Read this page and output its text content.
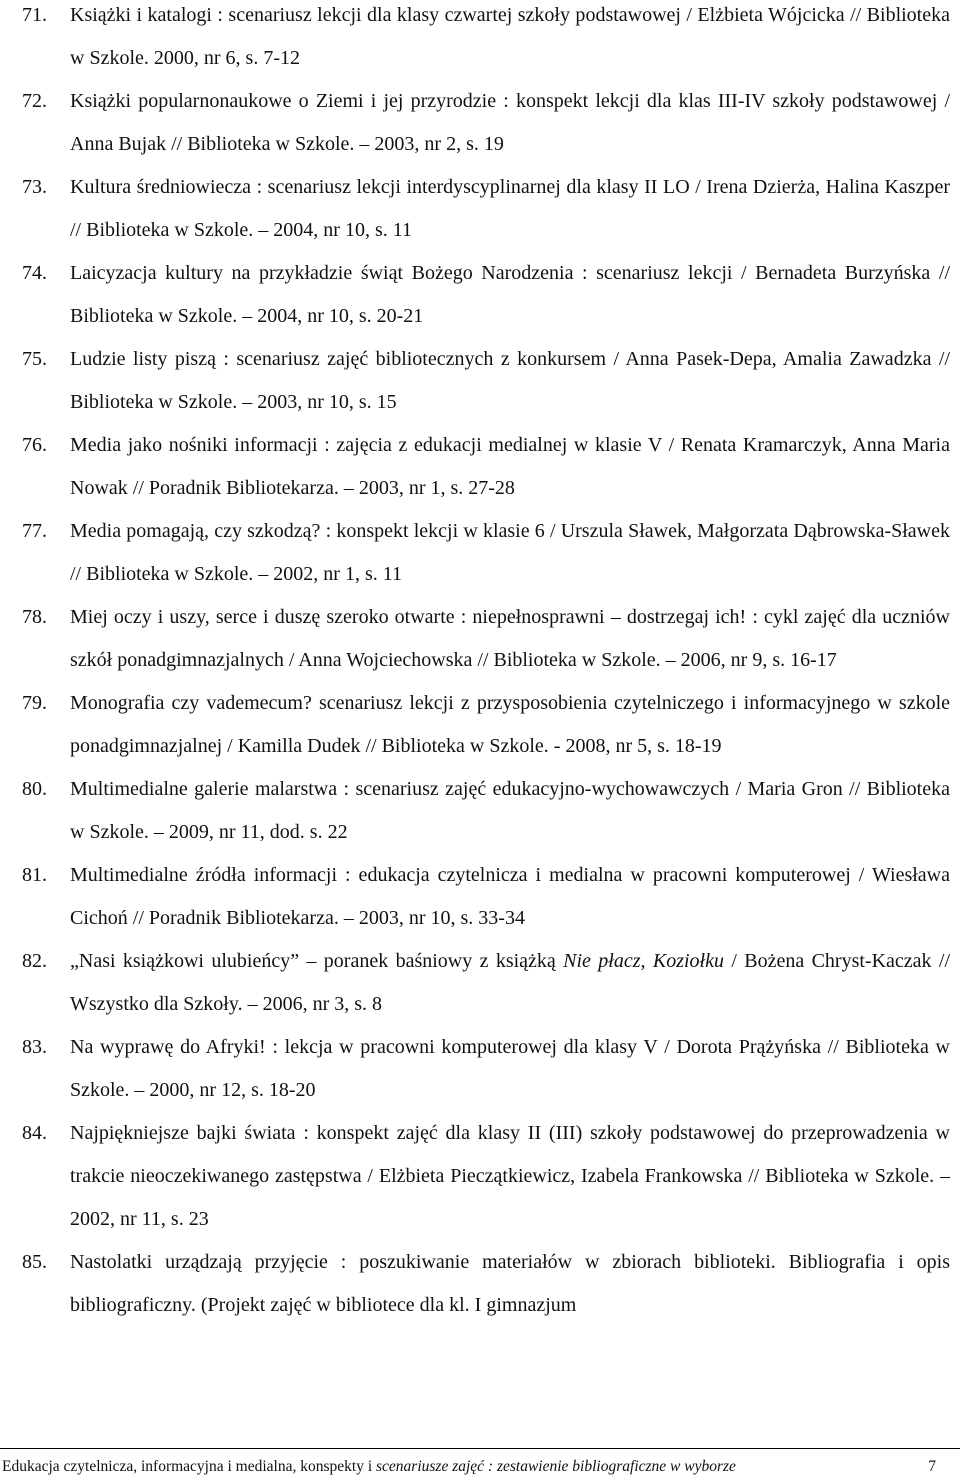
71. Książki i katalogi : scenariusz lekcji dla klasy czwartej szkoły podstawowej / Elżbieta Wójcicka // Biblioteka w Szkole. 2000, nr 6, s. 7-12
72. Książki popularnonaukowe o Ziemi i jej przyrodzie : konspekt lekcji dla klas III-IV szkoły podstawowej / Anna Bujak // Biblioteka w Szkole. – 2003, nr 2, s. 19
73. Kultura średniowiecza : scenariusz lekcji interdyscyplinarnej dla klasy II LO / Irena Dzierża, Halina Kaszper // Biblioteka w Szkole. – 2004, nr 10, s. 11
74. Laicyzacja kultury na przykładzie świąt Bożego Narodzenia : scenariusz lekcji / Bernadeta Burzyńska // Biblioteka w Szkole. – 2004, nr 10, s. 20-21
75. Ludzie listy piszą : scenariusz zajęć bibliotecznych z konkursem / Anna Pasek-Depa, Amalia Zawadzka // Biblioteka w Szkole. – 2003, nr 10, s. 15
76. Media jako nośniki informacji : zajęcia z edukacji medialnej w klasie V / Renata Kramarczyk, Anna Maria Nowak // Poradnik Bibliotekarza. – 2003, nr 1, s. 27-28
77. Media pomagają, czy szkodzą? : konspekt lekcji w klasie 6 / Urszula Sławek, Małgorzata Dąbrowska-Sławek // Biblioteka w Szkole. – 2002, nr 1, s. 11
78. Miej oczy i uszy, serce i duszę szeroko otwarte : niepełnosprawni – dostrzegaj ich! : cykl zajęć dla uczniów szkół ponadgimnazjalnych / Anna Wojciechowska // Biblioteka w Szkole. – 2006, nr 9, s. 16-17
79. Monografia czy vademecum? scenariusz lekcji z przysposobienia czytelniczego i informacyjnego w szkole ponadgimnazjalnej / Kamilla Dudek // Biblioteka w Szkole. - 2008, nr 5, s. 18-19
80. Multimedialne galerie malarstwa : scenariusz zajęć edukacyjno-wychowawczych / Maria Gron // Biblioteka w Szkole. – 2009, nr 11, dod. s. 22
81. Multimedialne źródła informacji : edukacja czytelnicza i medialna w pracowni komputerowej / Wiesława Cichoń // Poradnik Bibliotekarza. – 2003, nr 10, s. 33-34
82. „Nasi książkowi ulubieńcy” – poranek baśniowy z książką Nie płacz, Koziołku / Bożena Chryst-Kaczak // Wszystko dla Szkoły. – 2006, nr 3, s. 8
83. Na wyprawę do Afryki! : lekcja w pracowni komputerowej dla klasy V / Dorota Prążyńska // Biblioteka w Szkole. – 2000, nr 12, s. 18-20
84. Najpiękniejsze bajki świata : konspekt zajęć dla klasy II (III) szkoły podstawowej do przeprowadzenia w trakcie nieoczekiwanego zastępstwa / Elżbieta Pieczątkiewicz, Izabela Frankowska // Biblioteka w Szkole. – 2002, nr 11, s. 23
85. Nastolatki urządzają przyjęcie : poszukiwanie materiałów w zbiorach biblioteki. Bibliografia i opis bibliograficzny. (Projekt zajęć w bibliotece dla kl. I gimnazjum
Edukacja czytelnicza, informacyjna i medialna, konspekty i scenariusze zajęć : zestawienie bibliograficzne w wyborze	7
